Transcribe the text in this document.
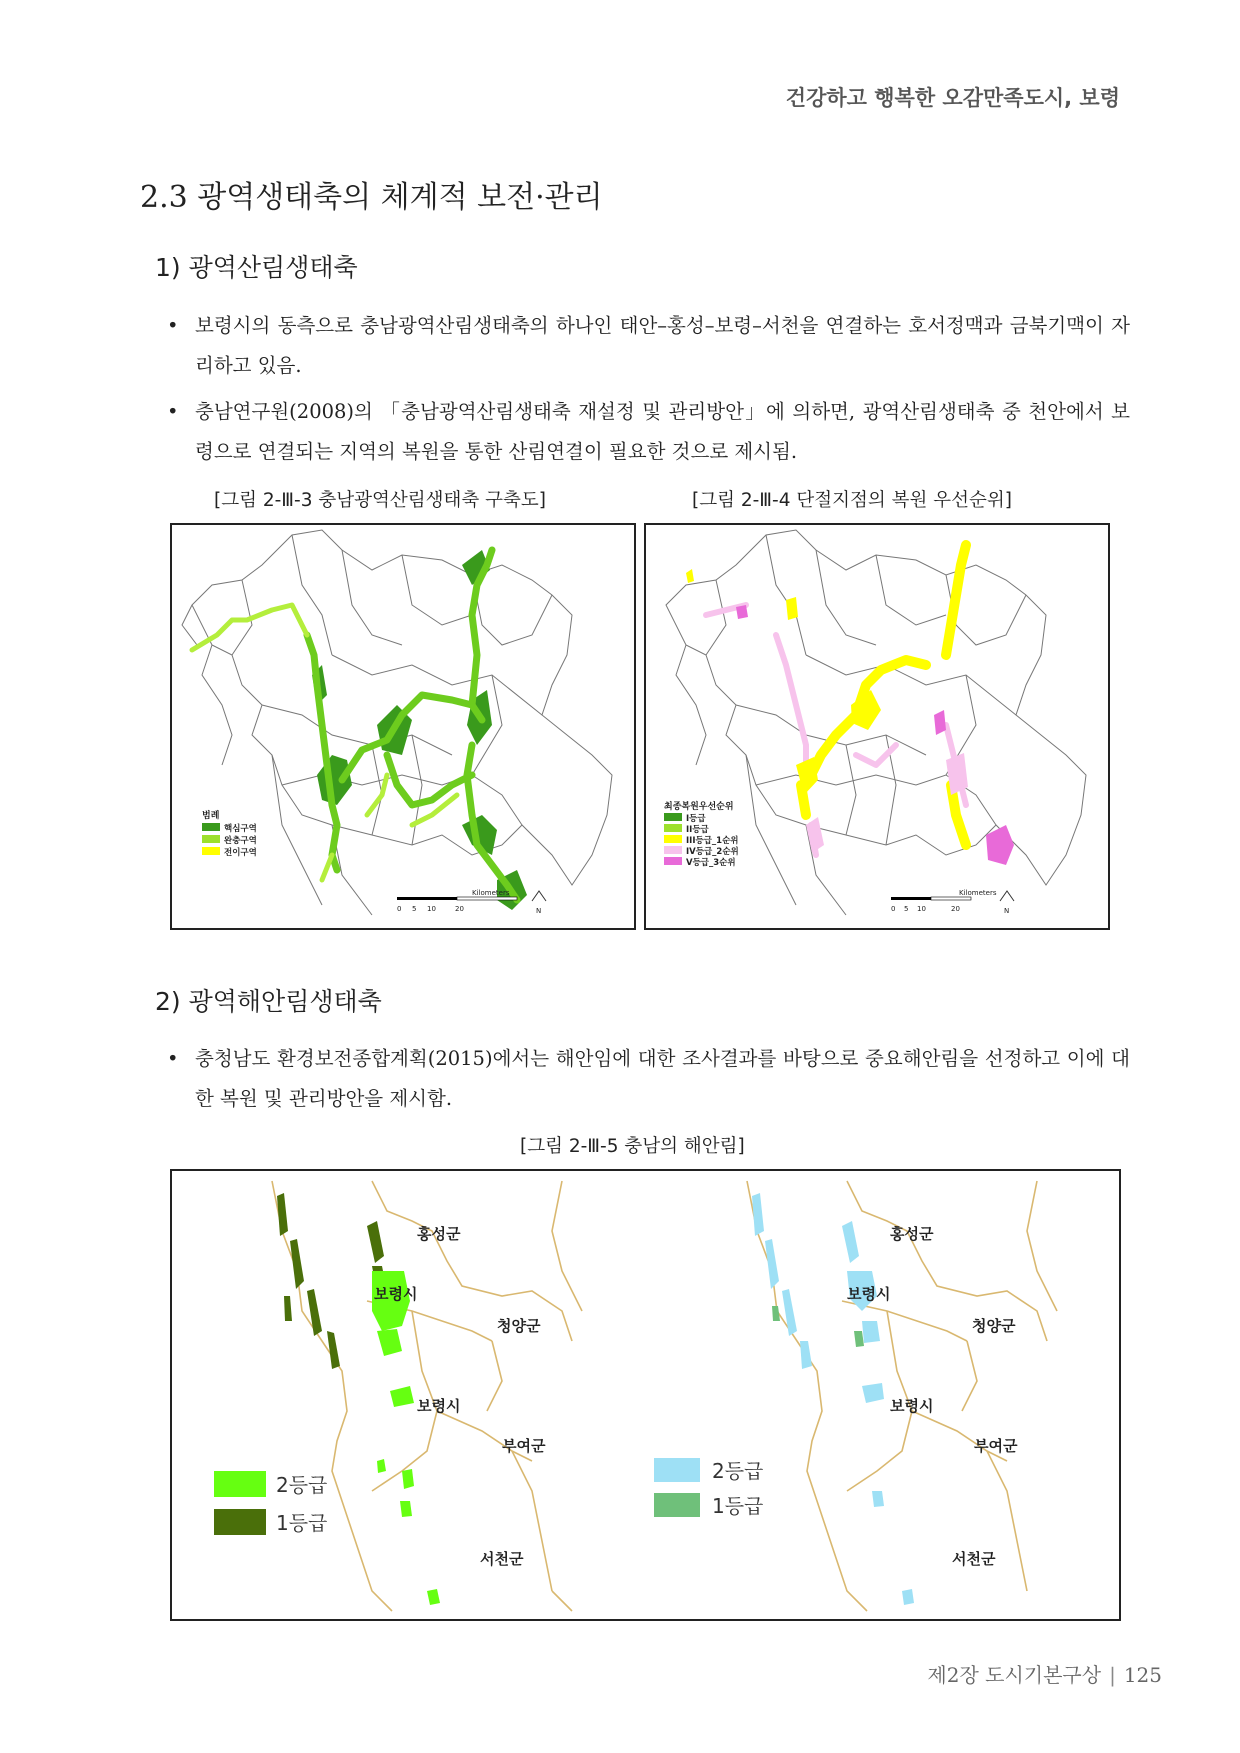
건강하고 행복한 오감만족도시, 보령
2.3 광역생태축의 체계적 보전·관리
1) 광역산림생태축
• 보령시의 동측으로 충남광역산림생태축의 하나인 태안–홍성–보령–서천을 연결하는 호서정맥과 금북기맥이 자리하고 있음.
• 충남연구원(2008)의 「충남광역산림생태축 재설정 및 관리방안」에 의하면, 광역산림생태축 중 천안에서 보령으로 연결되는 지역의 복원을 통한 산림연결이 필요한 것으로 제시됨.
[그림 2-Ⅲ-3 충남광역산림생태축 구축도]	[그림 2-Ⅲ-4 단절지점의 복원 우선순위]
범례
핵심구역
완충구역
전이구역
0 5 10	20
Kilometers
N
최종복원우선순위
I등급
II등급
III등급_1순위
IV등급_2순위
V등급_3순위
0 5 10	20
Kilometers
N
2) 광역해안림생태축
• 충청남도 환경보전종합계획(2015)에서는 해안임에 대한 조사결과를 바탕으로 중요해안림을 선정하고 이에 대한 복원 및 관리방안을 제시함.
[그림 2-Ⅲ-5 충남의 해안림]
홍성군
보령시
청양군
보령시
부여군
서천군
2등급
1등급
홍성군
보령시
청양군
보령시
부여군
서천군
2등급
1등급
제2장 도시기본구상 | 125
